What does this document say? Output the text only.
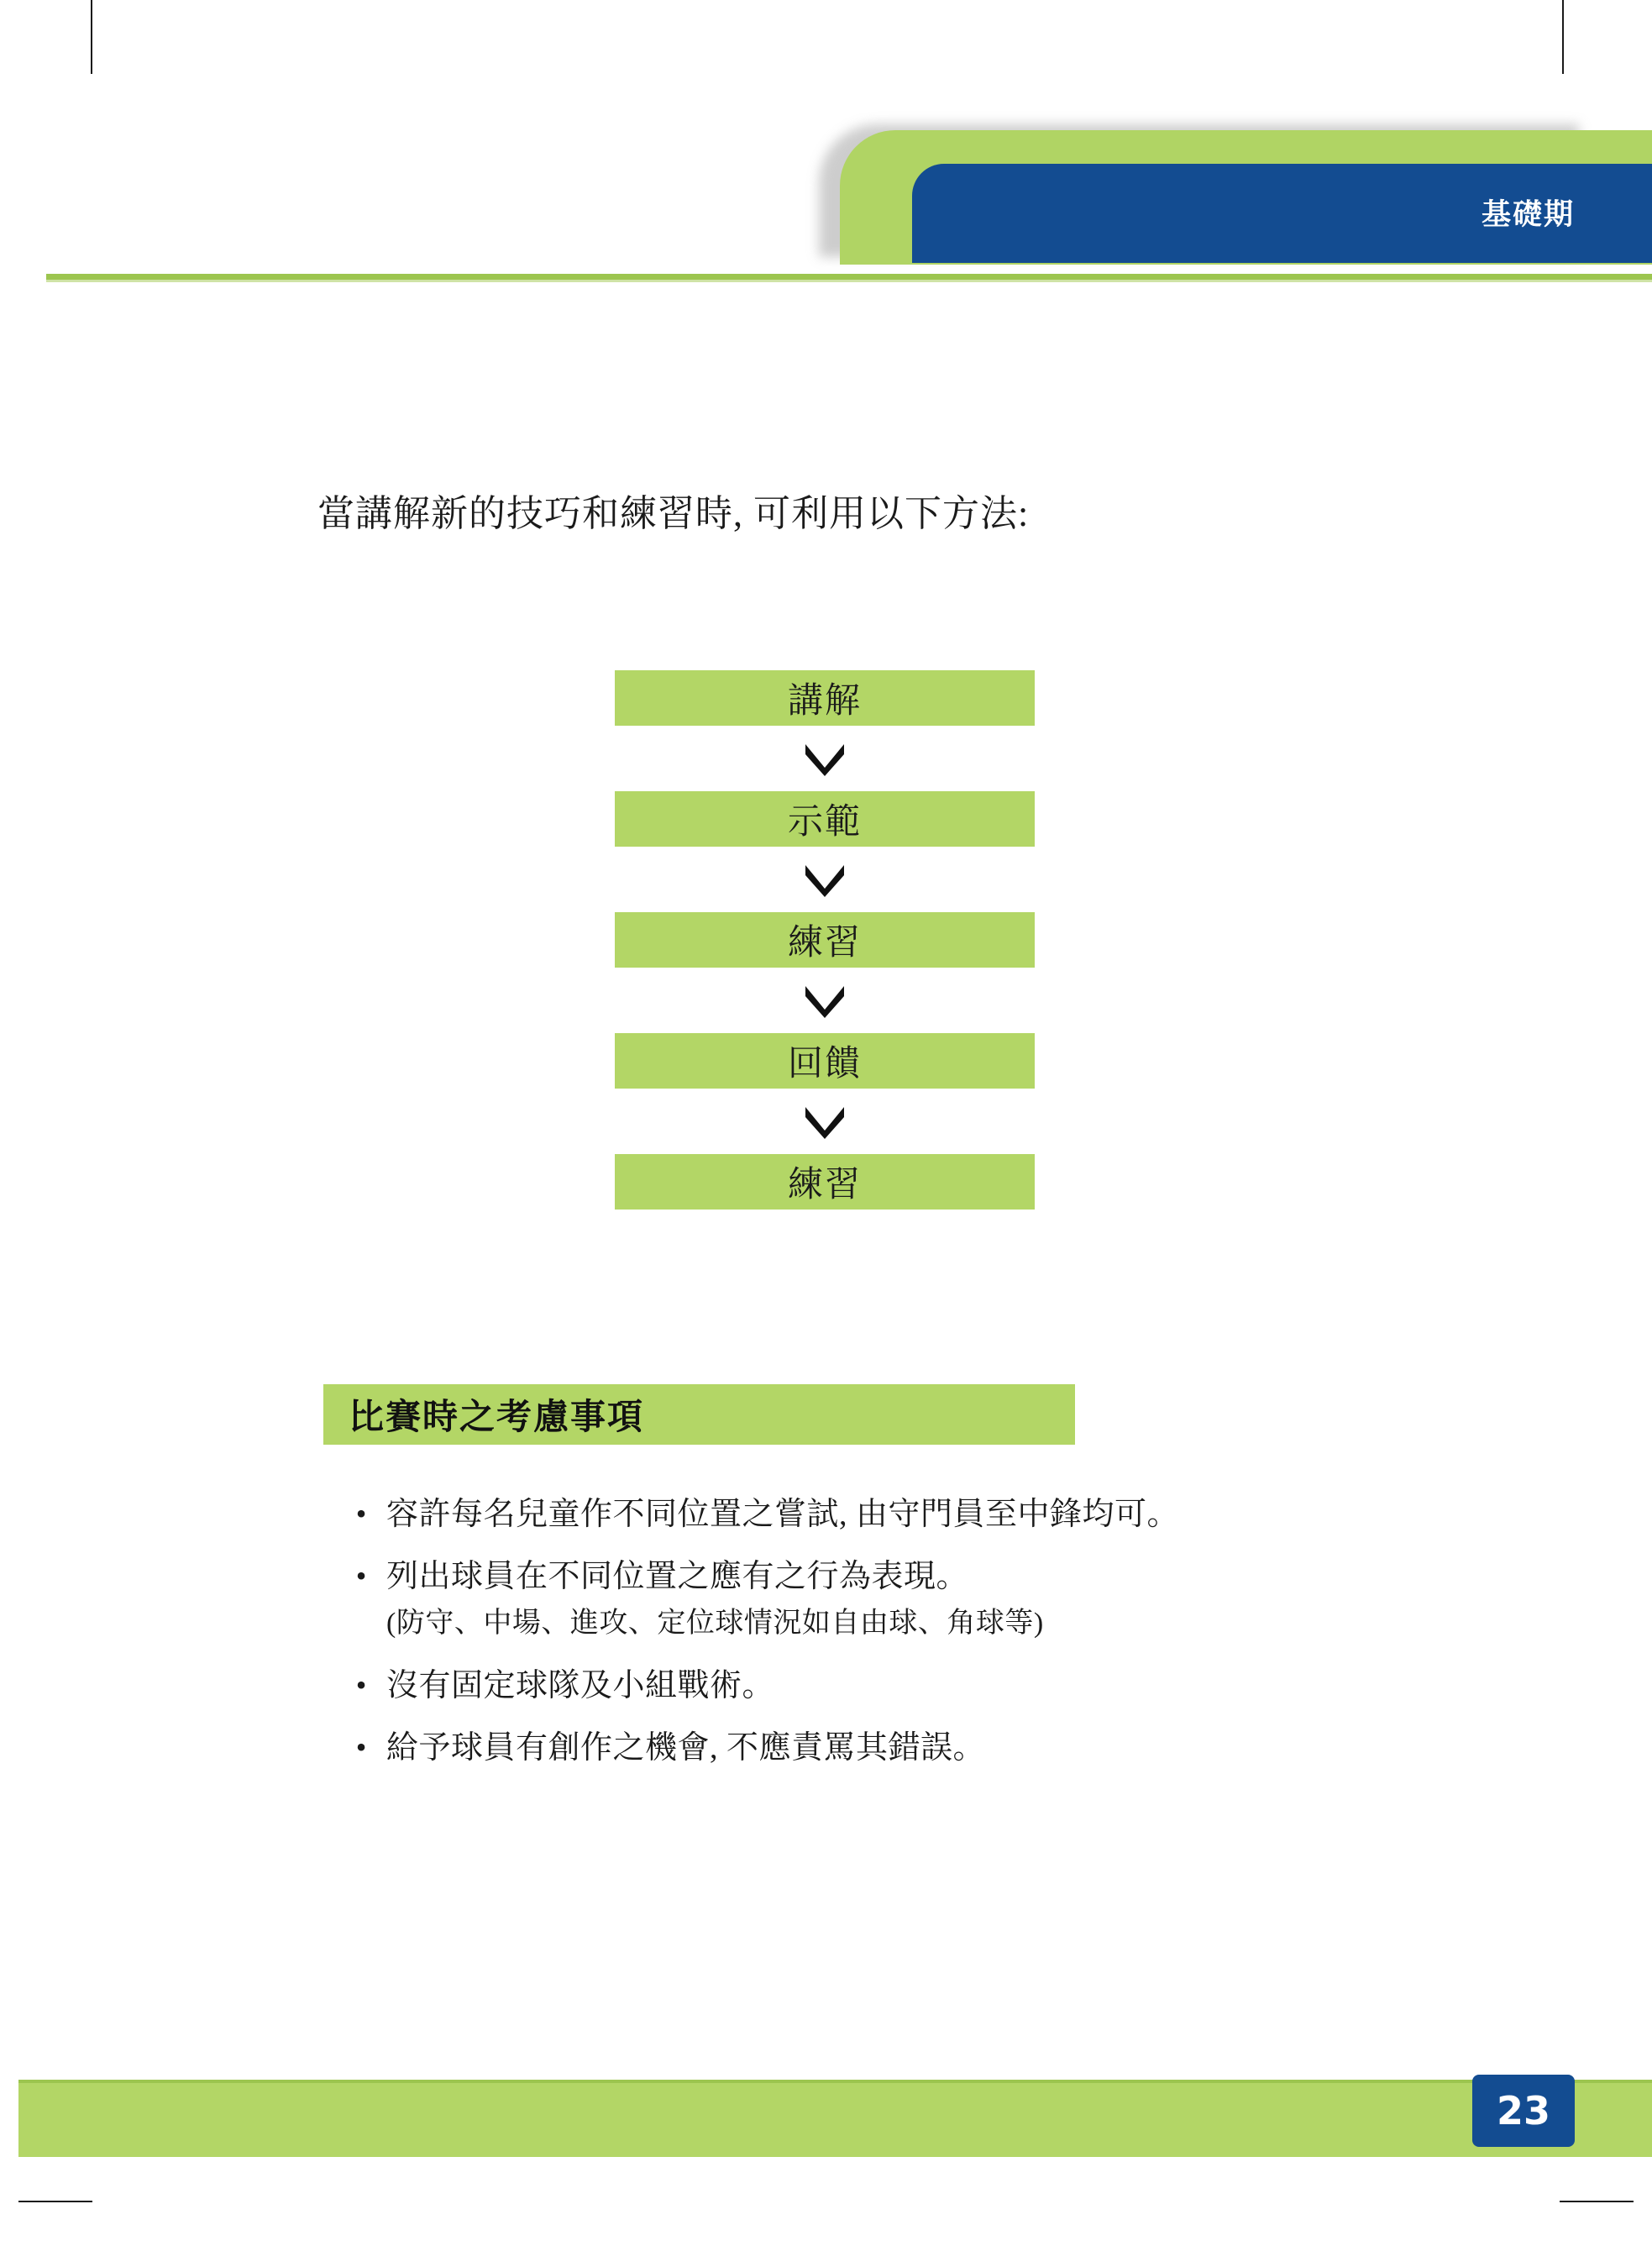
基礎期
當講解新的技巧和練習時, 可利用以下方法:
講解
示範
練習
回饋
練習
比賽時之考慮事項
• 容許每名兒童作不同位置之嘗試, 由守門員至中鋒均可。
• 列出球員在不同位置之應有之行為表現。
(防守、中場、進攻、定位球情況如自由球、角球等)
• 沒有固定球隊及小組戰術。
• 給予球員有創作之機會, 不應責罵其錯誤。
23
